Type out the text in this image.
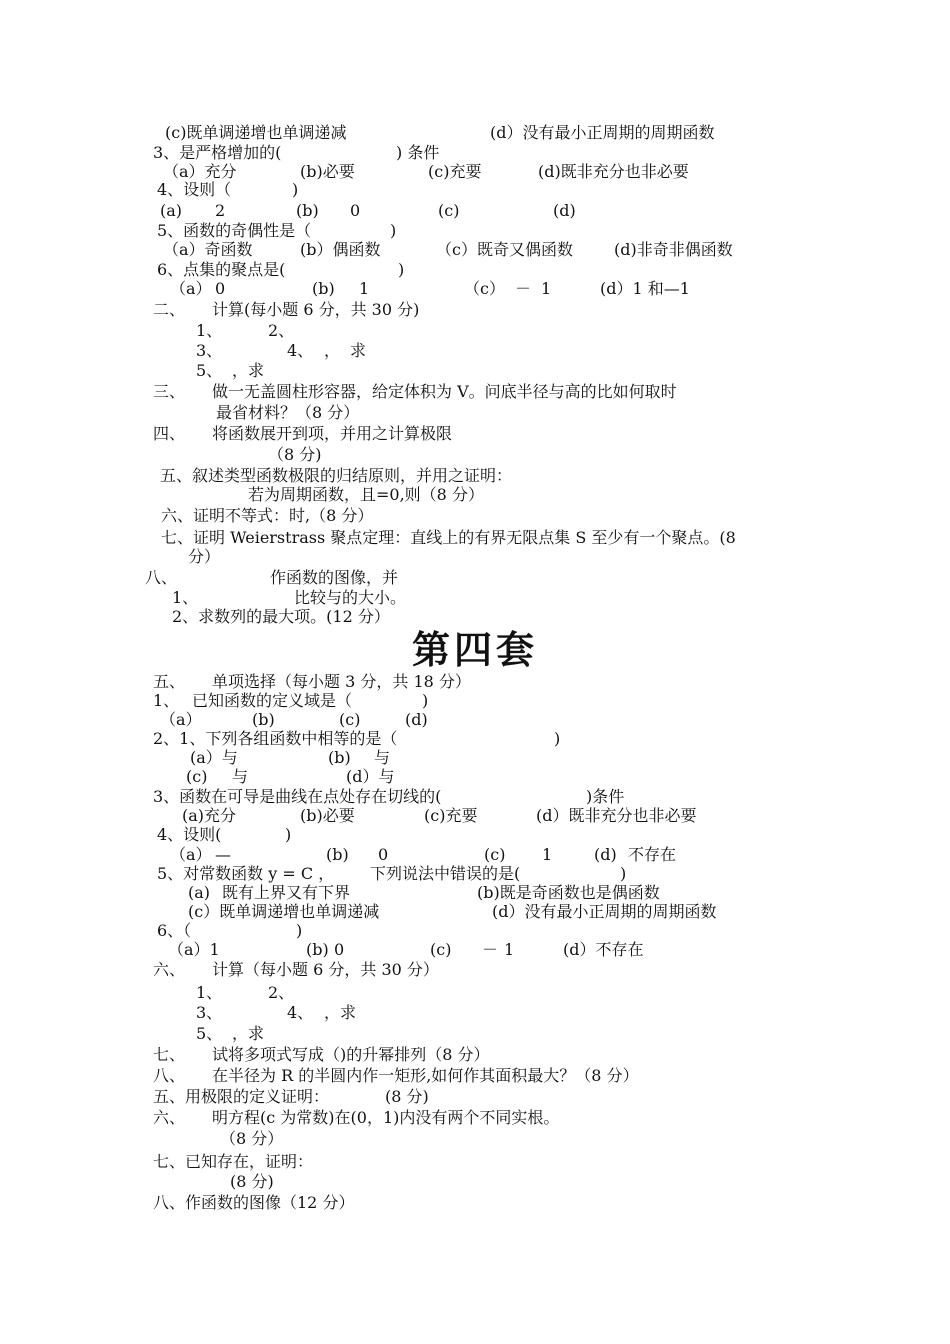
(c)既单调递增也单调递减	(d）没有最小正周期的周期函数
3、是严格增加的(	) 条件
（a）充分	(b)必要	(c)充要	(d)既非充分也非必要
4、设则（	)
(a) 2	(b) 0	(c)	(d)
5、函数的奇偶性是（	)
（a）奇函数	(b）偶函数	（c）既奇又偶函数	(d)非奇非偶函数
6、点集的聚点是(	)
（a） 0	(b) 1	（c） － 1	(d）1 和—1
二、 计算(每小题 6 分，共 30 分)
1、	2、
3、	4、 ， 求
5、 ，求
三、 做一无盖圆柱形容器，给定体积为 V。问底半径与高的比如何取时
最省材料？（8 分）
四、 将函数展开到项，并用之计算极限
（8 分)
五、叙述类型函数极限的归结原则，并用之证明：
若为周期函数，且=0,则（8 分）
六、证明不等式：时,（8 分）
七、证明 Weierstrass 聚点定理：直线上的有界无限点集 S 至少有一个聚点。(8
分）
八、	作函数的图像，并
1、	比较与的大小。
2、求数列的最大项。(12 分）
五、 单项选择（每小题 3 分，共 18 分）
1、 已知函数的定义域是（	)
（a）	(b)	(c)	(d)
2、1、下列各组函数中相等的是（	)
(a）与	(b) 与
(c) 与	(d）与
3、函数在可导是曲线在点处存在切线的(	)条件
(a)充分	(b)必要	(c)充要	(d）既非充分也非必要
4、设则(	)
（a） —	(b) 0	(c) 1	(d) 不存在
5、对常数函数 y = C ， 下列说法中错误的是(	)
(a) 既有上界又有下界	(b)既是奇函数也是偶函数
(c）既单调递增也单调递减	(d）没有最小正周期的周期函数
6、（	)
（a）1	(b) 0	(c) － 1	(d）不存在
六、 计算（每小题 6 分，共 30 分）
1、	2、
3、	4、 ，求
5、 ，求
七、 试将多项式写成（)的升幂排列（8 分）
八、 在半径为 R 的半圆内作一矩形,如何作其面积最大？（8 分）
五、用极限的定义证明：	(8 分)
六、 明方程(c 为常数)在(0，1)内没有两个不同实根。
（8 分）
七、已知存在，证明：
(8 分)
八、作函数的图像（12 分）
第四套
